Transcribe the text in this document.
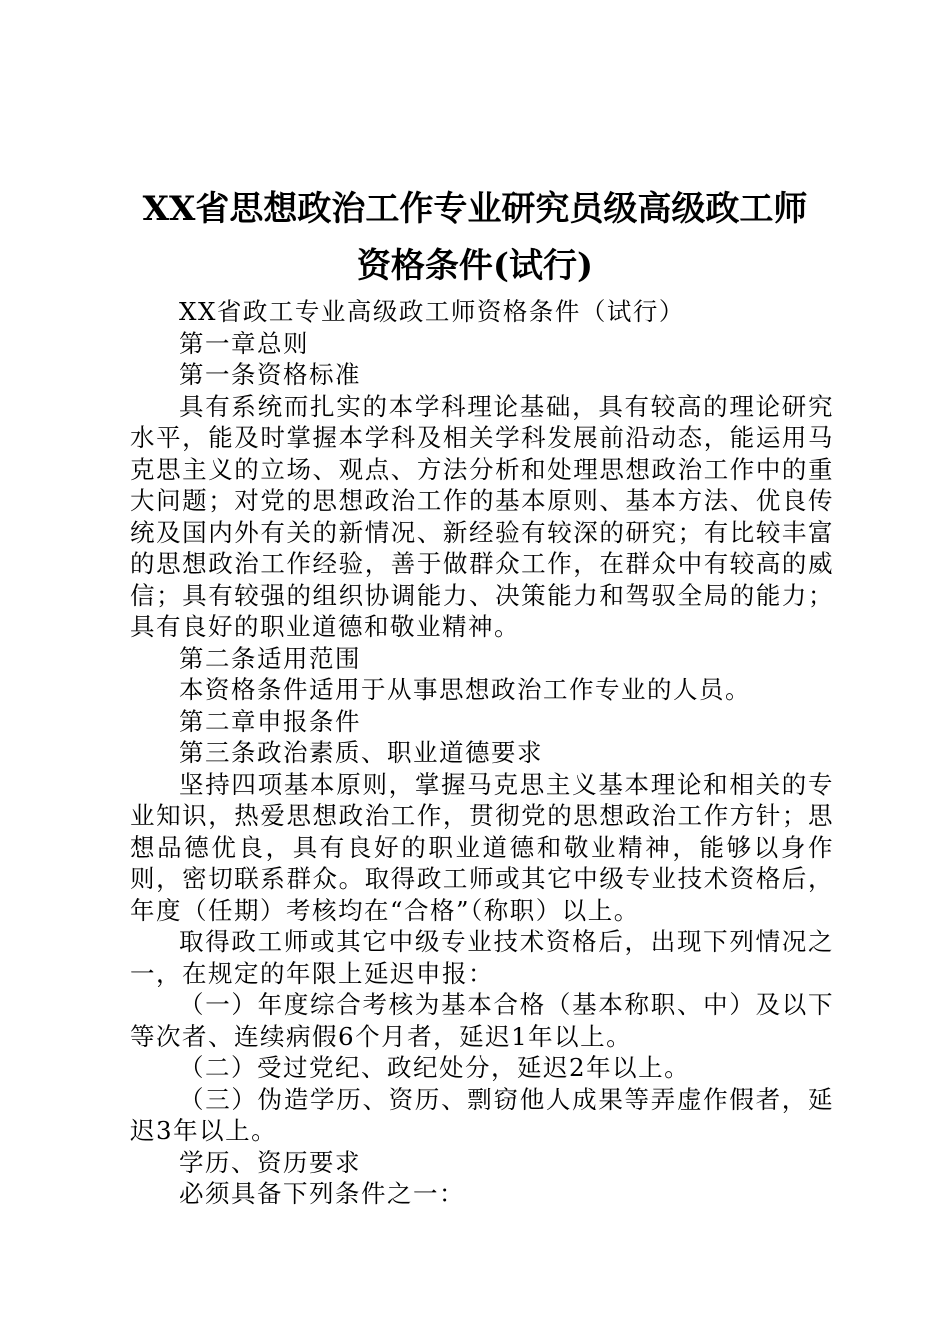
XX省思想政治工作专业研究员级高级政工师
资格条件(试行)

XX省政工专业高级政工师资格条件（试行）

第一章总则

第一条资格标准

具有系统而扎实的本学科理论基础，具有较高的理论研究水平，能及时掌握本学科及相关学科发展前沿动态，能运用马克思主义的立场、观点、方法分析和处理思想政治工作中的重大问题；对党的思想政治工作的基本原则、基本方法、优良传统及国内外有关的新情况、新经验有较深的研究；有比较丰富的思想政治工作经验，善于做群众工作，在群众中有较高的威信；具有较强的组织协调能力、决策能力和驾驭全局的能力；具有良好的职业道德和敬业精神。

第二条适用范围

本资格条件适用于从事思想政治工作专业的人员。

第二章申报条件

第三条政治素质、职业道德要求

坚持四项基本原则，掌握马克思主义基本理论和相关的专业知识，热爱思想政治工作，贯彻党的思想政治工作方针；思想品德优良，具有良好的职业道德和敬业精神，能够以身作则，密切联系群众。取得政工师或其它中级专业技术资格后，年度（任期）考核均在“合格”（称职）以上。

取得政工师或其它中级专业技术资格后，出现下列情况之一，在规定的年限上延迟申报：

（一）年度综合考核为基本合格（基本称职、中）及以下等次者、连续病假6个月者，延迟1年以上。

（二）受过党纪、政纪处分，延迟2年以上。

（三）伪造学历、资历、剽窃他人成果等弄虚作假者，延迟3年以上。

学历、资历要求

必须具备下列条件之一：
